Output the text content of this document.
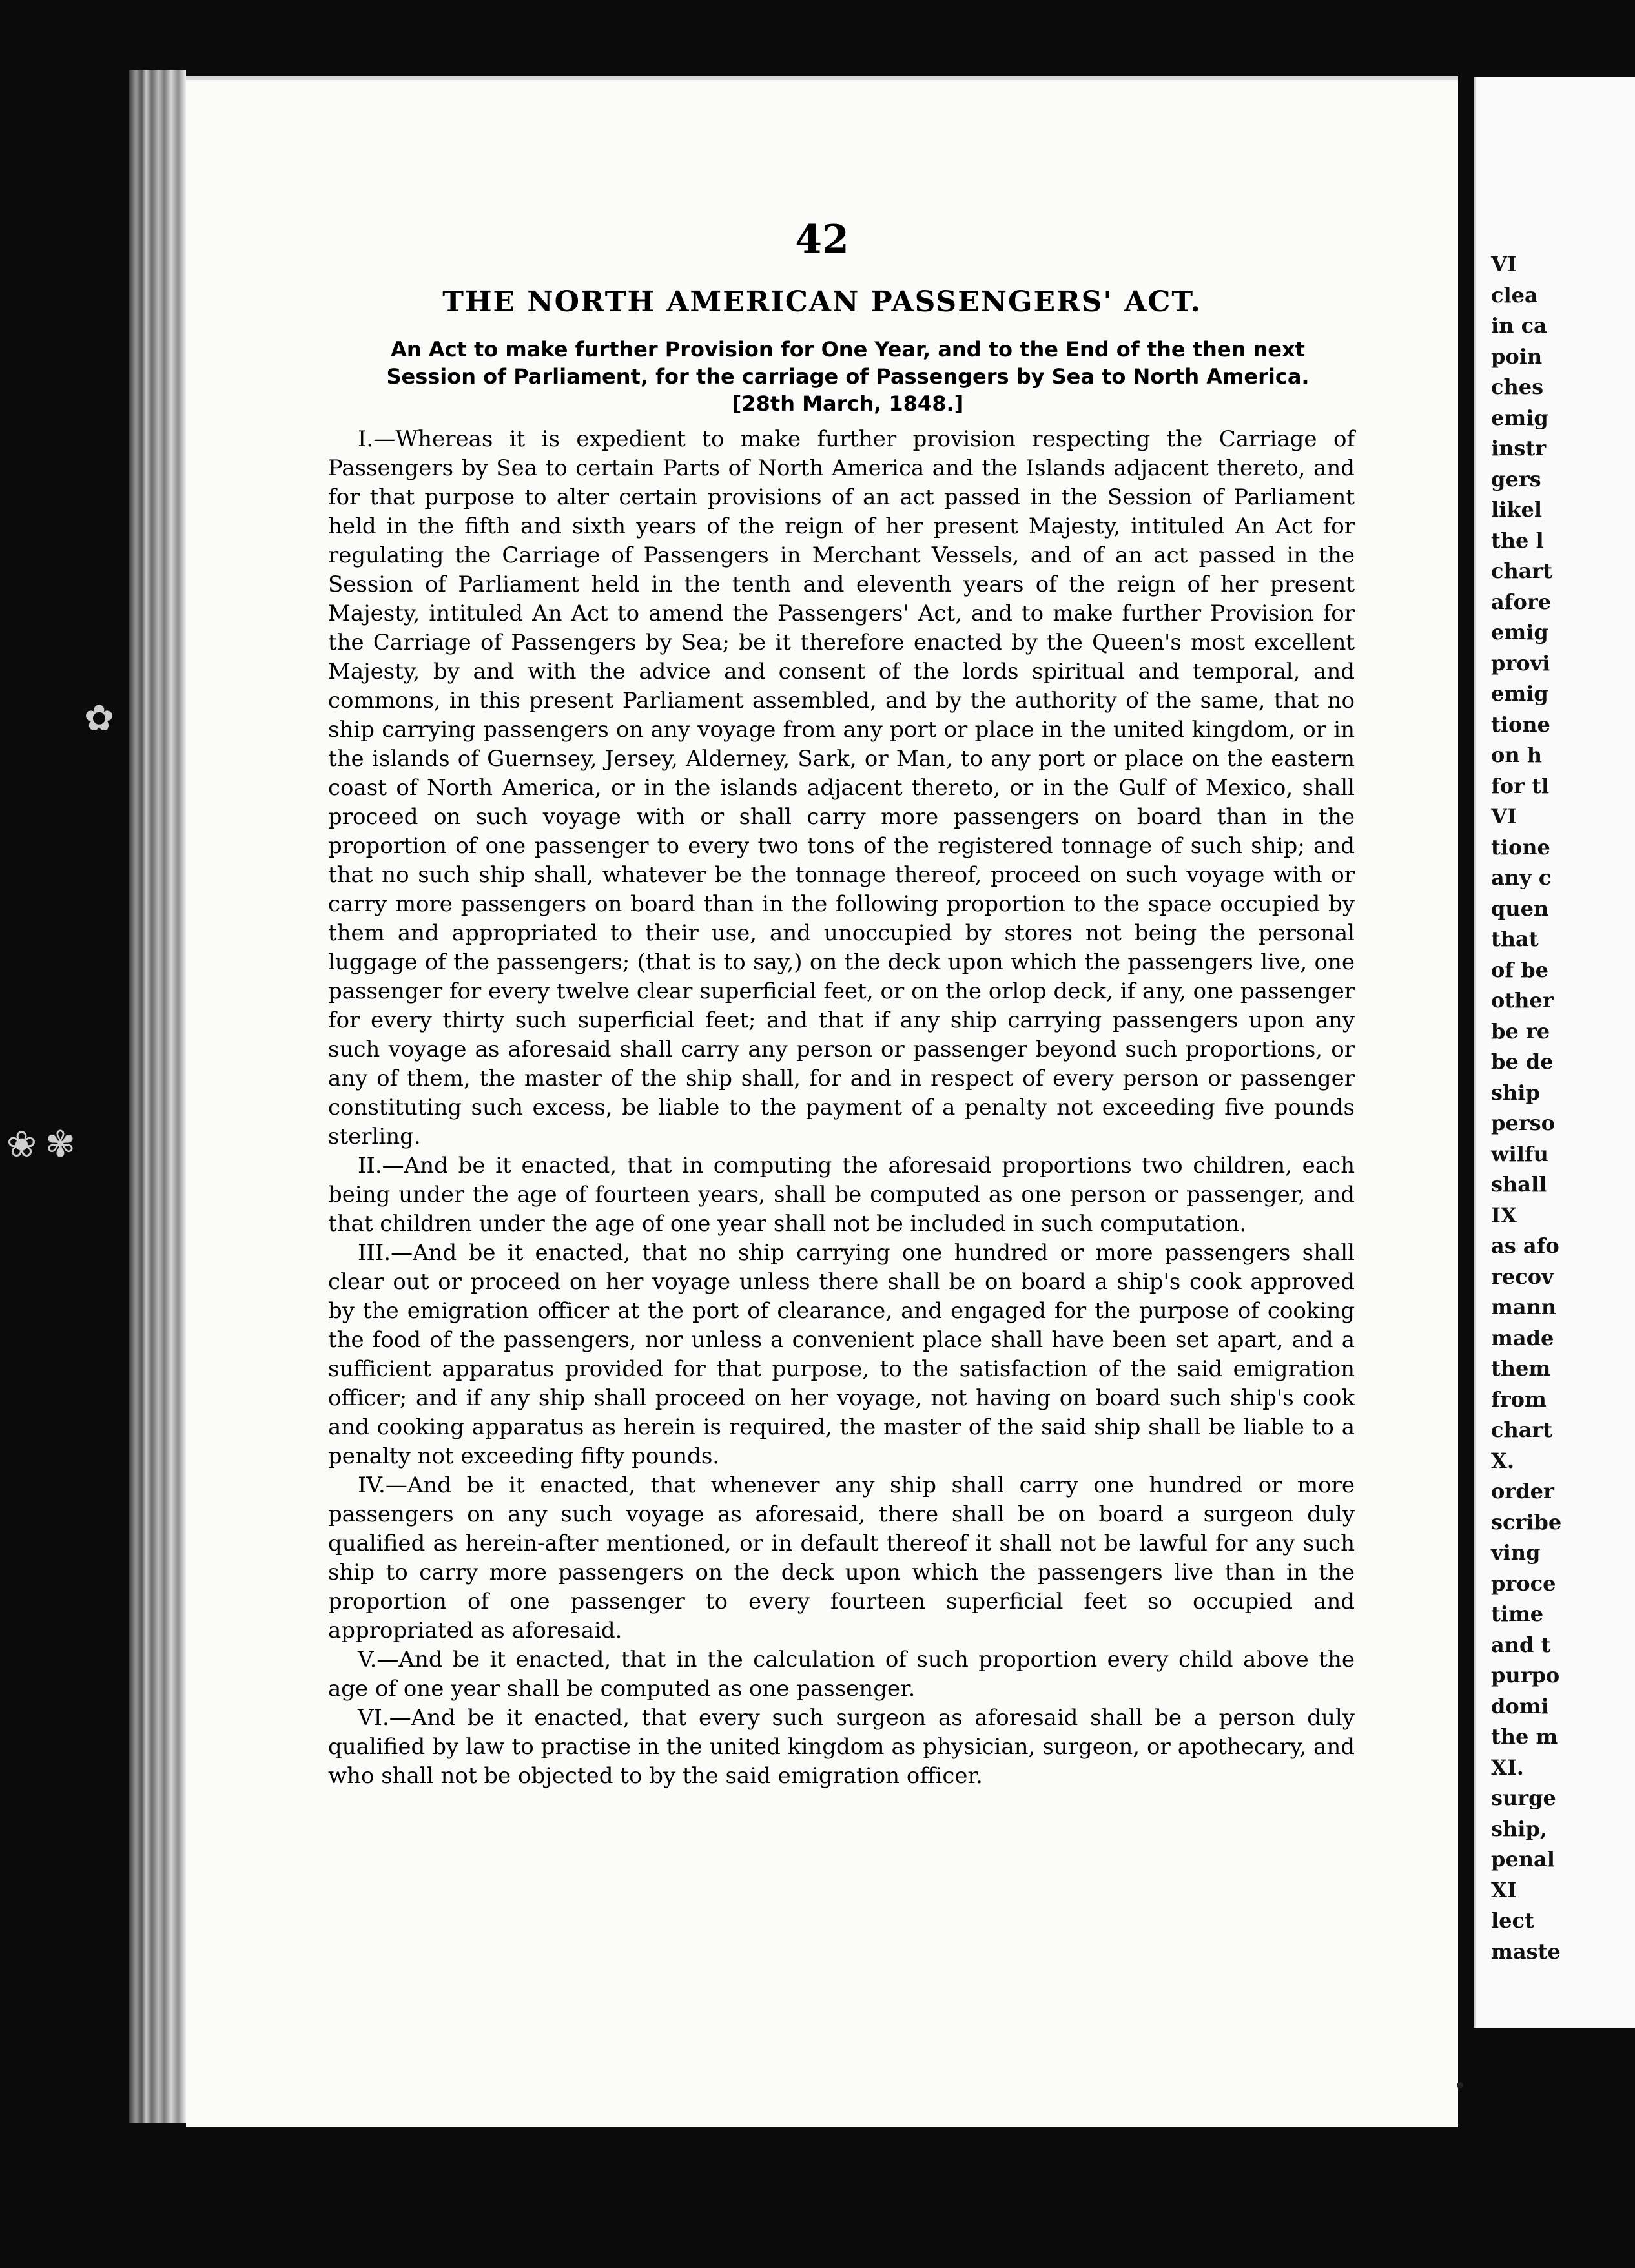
42
THE NORTH AMERICAN PASSENGERS' ACT.
An Act to make further Provision for One Year, and to the End of the then next Session of Parliament, for the carriage of Passengers by Sea to North America. [28th March, 1848.]

I.—Whereas it is expedient to make further provision respecting the Carriage of Passengers by Sea to certain Parts of North America and the Islands adjacent thereto, and for that purpose to alter certain provisions of an act passed in the Session of Parliament held in the fifth and sixth years of the reign of her present Majesty, intituled An Act for regulating the Carriage of Passengers in Merchant Vessels, and of an act passed in the Session of Parliament held in the tenth and eleventh years of the reign of her present Majesty, intituled An Act to amend the Passengers' Act, and to make further Provision for the Carriage of Passengers by Sea; be it therefore enacted by the Queen's most excellent Majesty, by and with the advice and consent of the lords spiritual and temporal, and commons, in this present Parliament assembled, and by the authority of the same, that no ship carrying passengers on any voyage from any port or place in the united kingdom, or in the islands of Guernsey, Jersey, Alderney, Sark, or Man, to any port or place on the eastern coast of North America, or in the islands adjacent thereto, or in the Gulf of Mexico, shall proceed on such voyage with or shall carry more passengers on board than in the proportion of one passenger to every two tons of the registered tonnage of such ship; and that no such ship shall, whatever be the tonnage thereof, proceed on such voyage with or carry more passengers on board than in the following proportion to the space occupied by them and appropriated to their use, and unoccupied by stores not being the personal luggage of the passengers; (that is to say,) on the deck upon which the passengers live, one passenger for every twelve clear superficial feet, or on the orlop deck, if any, one passenger for every thirty such superficial feet; and that if any ship carrying passengers upon any such voyage as aforesaid shall carry any person or passenger beyond such proportions, or any of them, the master of the ship shall, for and in respect of every person or passenger constituting such excess, be liable to the payment of a penalty not exceeding five pounds sterling.

II.—And be it enacted, that in computing the aforesaid proportions two children, each being under the age of fourteen years, shall be computed as one person or passenger, and that children under the age of one year shall not be included in such computation.

III.—And be it enacted, that no ship carrying one hundred or more passengers shall clear out or proceed on her voyage unless there shall be on board a ship's cook approved by the emigration officer at the port of clearance, and engaged for the purpose of cooking the food of the passengers, nor unless a convenient place shall have been set apart, and a sufficient apparatus provided for that purpose, to the satisfaction of the said emigration officer; and if any ship shall proceed on her voyage, not having on board such ship's cook and cooking apparatus as herein is required, the master of the said ship shall be liable to a penalty not exceeding fifty pounds.

IV.—And be it enacted, that whenever any ship shall carry one hundred or more passengers on any such voyage as aforesaid, there shall be on board a surgeon duly qualified as herein-after mentioned, or in default thereof it shall not be lawful for any such ship to carry more passengers on the deck upon which the passengers live than in the proportion of one passenger to every fourteen superficial feet so occupied and appropriated as aforesaid.

V.—And be it enacted, that in the calculation of such proportion every child above the age of one year shall be computed as one passenger.

VI.—And be it enacted, that every such surgeon as aforesaid shall be a person duly qualified by law to practise in the united kingdom as physician, surgeon, or apothecary, and who shall not be objected to by the said emigration officer.

VI
clea
in ca
poin
ches
emig
instr
gers
likel
the l
chart
afore
emig
provi
emig
tione
on h
for tl
VI
tione
any c
quen
that
of be
other
be re
be de
ship
perso
wilfu
shall
IX
as afo
recov
mann
made
them
from
chart
X.
order
scribe
ving
proce
time
and t
purpo
domi
the m
XI.
surge
ship,
penal
XI
lect
maste
✿
❀ ✾
